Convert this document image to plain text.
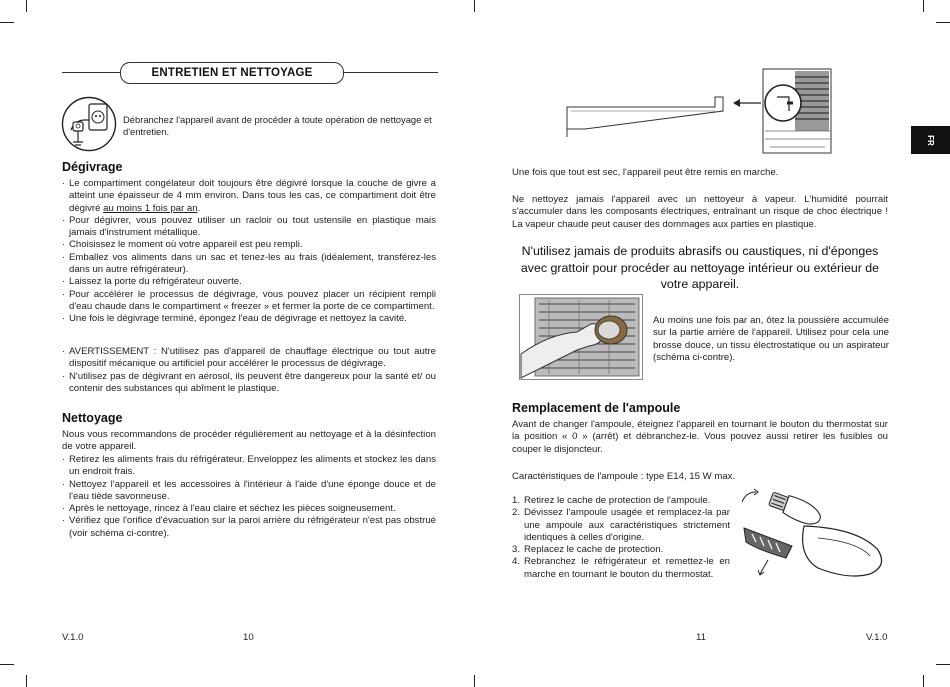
ENTRETIEN ET NETTOYAGE
Débranchez l'appareil avant de procéder à toute opération de nettoyage et d'entretien.
Dégivrage
· Le compartiment congélateur doit toujours être dégivré lorsque la couche de givre a atteint une épaisseur de 4 mm environ. Dans tous les cas, ce compartiment doit être dégivré au moins 1 fois par an.
· Pour dégivrer, vous pouvez utiliser un racloir ou tout ustensile en plastique mais jamais d'instrument métallique.
· Choisissez le moment où votre appareil est peu rempli.
· Emballez vos aliments dans un sac et tenez-les au frais (idéalement, transférez-les dans un autre réfrigérateur).
· Laissez la porte du réfrigérateur ouverte.
· Pour accélérer le processus de dégivrage, vous pouvez placer un récipient rempli d'eau chaude dans le compartiment « freezer » et fermer la porte de ce compartiment.
· Une fois le dégivrage terminé, épongez l'eau de dégivrage et nettoyez la cavité.
· AVERTISSEMENT : N'utilisez pas d'appareil de chauffage électrique ou tout autre dispositif mécanique ou artificiel pour accélérer le processus de dégivrage.
· N'utilisez pas de dégivrant en aérosol, ils peuvent être dangereux pour la santé et/ ou contenir des substances qui abîment le plastique.
Nettoyage
Nous vous recommandons de procéder régulièrement au nettoyage et à la désinfection de votre appareil.
· Retirez les aliments frais du réfrigérateur. Enveloppez les aliments et stockez les dans un endroit frais.
· Nettoyez l'appareil et les accessoires à l'intérieur à l'aide d'une éponge douce et de l'eau tiède savonneuse.
· Après le nettoyage, rincez à l'eau claire et séchez les pièces soigneusement.
· Vérifiez que l'orifice d'évacuation sur la paroi arrière du réfrigérateur n'est pas obstrué (voir schéma ci-contre).
V.1.0	10
FR
Une fois que tout est sec, l'appareil peut être remis en marche.
Ne nettoyez jamais l'appareil avec un nettoyeur à vapeur. L'humidité pourrait s'accumuler dans les composants électriques, entraînant un risque de choc électrique ! La vapeur chaude peut causer des dommages aux parties en plastique.
N'utilisez jamais de produits abrasifs ou caustiques, ni d'éponges avec grattoir pour procéder au nettoyage intérieur ou extérieur de votre appareil.
Au moins une fois par an, ôtez la poussière accumulée sur la partie arrière de l'appareil. Utilisez pour cela une brosse douce, un tissu électrostatique ou un aspirateur (schéma ci-contre).
Remplacement de l'ampoule
Avant de changer l'ampoule, éteignez l'appareil en tournant le bouton du thermostat sur la position « 0 » (arrêt) et débranchez-le. Vous pouvez aussi retirer les fusibles ou couper le disjoncteur.
Caractéristiques de l'ampoule : type E14, 15 W max.
1. Retirez le cache de protection de l'ampoule.
2. Dévissez l'ampoule usagée et remplacez-la par une ampoule aux caractéristiques strictement identiques à celles d'origine.
3. Replacez le cache de protection.
4. Rebranchez le réfrigérateur et remettez-le en marche en tournant le bouton du thermostat.
11	V.1.0
